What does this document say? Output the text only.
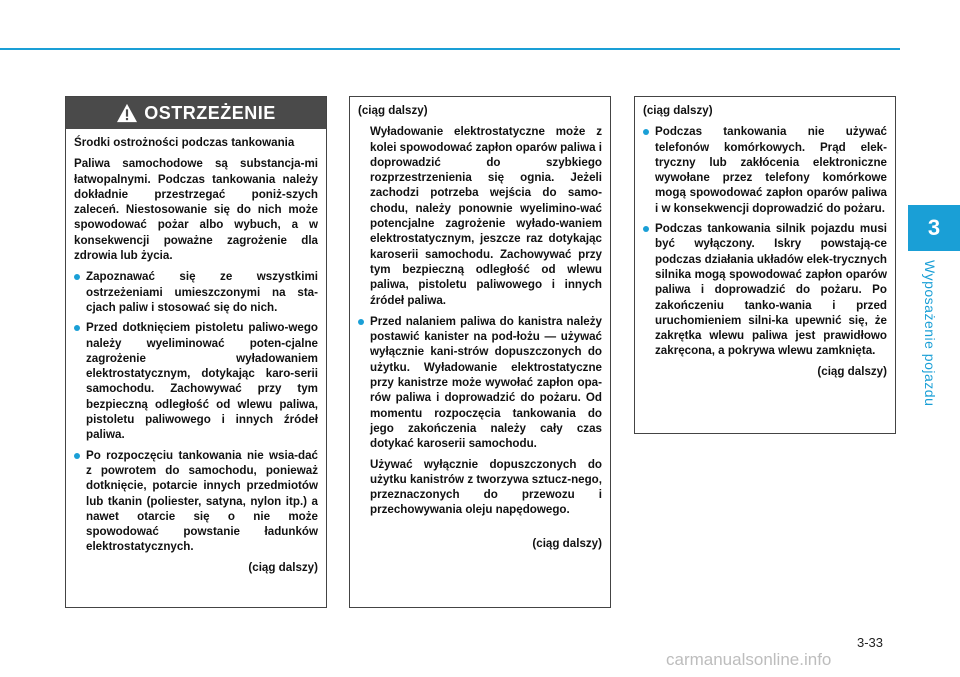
3
Wyposażenie pojazdu
OSTRZEŻENIE

Środki ostrożności podczas tankowania

Paliwa samochodowe są substancja-mi łatwopalnymi. Podczas tankowania należy dokładnie przestrzegać poniż-szych zaleceń. Niestosowanie się do nich może spowodować pożar albo wybuch, a w konsekwencji poważne zagrożenie dla zdrowia lub życia.

Zapoznawać się ze wszystkimi ostrzeżeniami umieszczonymi na sta-cjach paliw i stosować się do nich.
Przed dotknięciem pistoletu paliwo-wego należy wyeliminować poten-cjalne zagrożenie wyładowaniem elektrostatycznym, dotykając karo-serii samochodu. Zachowywać przy tym bezpieczną odległość od wlewu paliwa, pistoletu paliwowego i innych źródeł paliwa.
Po rozpoczęciu tankowania nie wsia-dać z powrotem do samochodu, ponieważ dotknięcie, potarcie innych przedmiotów lub tkanin (poliester, satyna, nylon itp.) a nawet otarcie się o nie może spowodować powstanie ładunków elektrostatycznych.
(ciąg dalszy)

(ciąg dalszy)

Wyładowanie elektrostatyczne może z kolei spowodować zapłon oparów paliwa i doprowadzić do szybkiego rozprzestrzenienia się ognia. Jeżeli zachodzi potrzeba wejścia do samo-chodu, należy ponownie wyelimino-wać potencjalne zagrożenie wyłado-waniem elektrostatycznym, jeszcze raz dotykając karoserii samochodu. Zachowywać przy tym bezpieczną odległość od wlewu paliwa, pistoletu paliwowego i innych źródeł paliwa.

Przed nalaniem paliwa do kanistra należy postawić kanister na pod-łożu — używać wyłącznie kani-strów dopuszczonych do użytku. Wyładowanie elektrostatyczne przy kanistrze może wywołać zapłon opa-rów paliwa i doprowadzić do pożaru. Od momentu rozpoczęcia tankowania do jego zakończenia należy cały czas dotykać karoserii samochodu.

Używać wyłącznie dopuszczonych do użytku kanistrów z tworzywa sztucz-nego, przeznaczonych do przewozu i przechowywania oleju napędowego.

(ciąg dalszy)

(ciąg dalszy)

Podczas tankowania nie używać telefonów komórkowych. Prąd elek-tryczny lub zakłócenia elektroniczne wywołane przez telefony komórkowe mogą spowodować zapłon oparów paliwa i w konsekwencji doprowadzić do pożaru.
Podczas tankowania silnik pojazdu musi być wyłączony. Iskry powstają-ce podczas działania układów elek-trycznych silnika mogą spowodować zapłon oparów paliwa i doprowadzić do pożaru. Po zakończeniu tanko-wania i przed uruchomieniem silni-ka upewnić się, że zakrętka wlewu paliwa jest prawidłowo zakręcona, a pokrywa wlewu zamknięta.
(ciąg dalszy)
3-33
carmanualsonline.info
